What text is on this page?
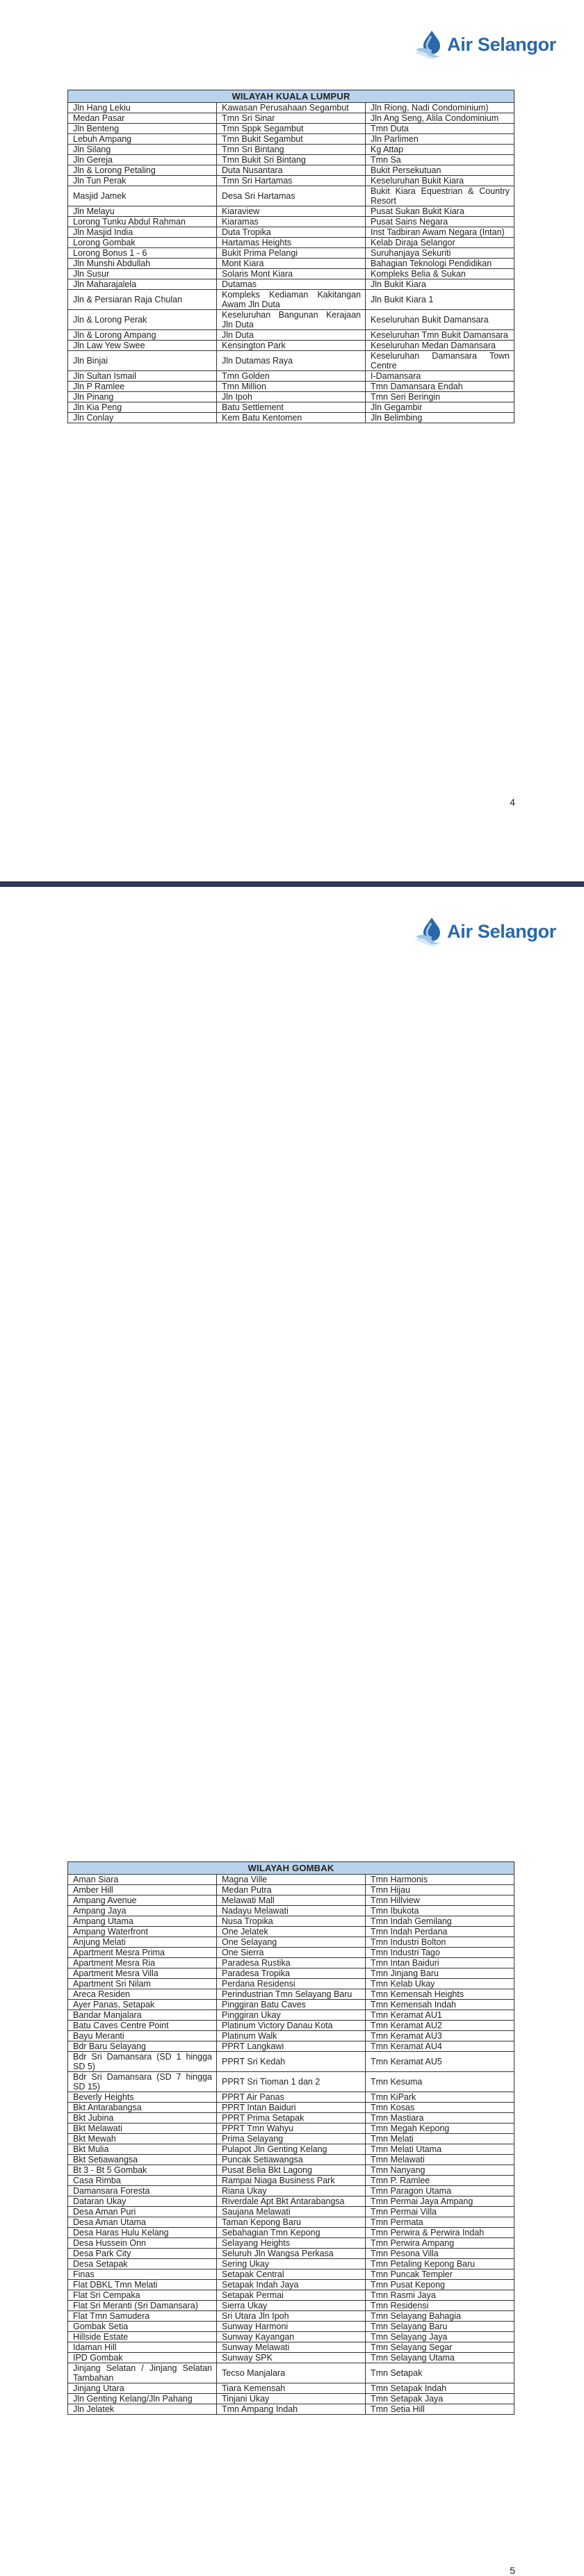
Air Selangor
WILAYAH KUALA LUMPUR		
Jln Hang Lekiu	Kawasan Perusahaan Segambut	Jln Riong, Nadi Condominium)
Medan Pasar	Tmn Sri Sinar	Jln Ang Seng, Alila Condominium
Jln Benteng	Tmn Sppk Segambut	Tmn Duta
Lebuh Ampang	Tmn Bukit Segambut	Jln Parlimen
Jln Silang	Tmn Sri Bintang	Kg Attap
Jln Gereja	Tmn Bukit Sri Bintang	Tmn Sa
Jln & Lorong Petaling	Duta Nusantara	Bukit Persekutuan
Jln Tun Perak	Tmn Sri Hartamas	Keseluruhan Bukit Kiara
Masjid Jamek	Desa Sri Hartamas	Bukit Kiara Equestrian & Country Resort
Jln Melayu	Kiaraview	Pusat Sukan Bukit Kiara
Lorong Tunku Abdul Rahman	Kiaramas	Pusat Sains Negara
Jln Masjid India	Duta Tropika	Inst Tadbiran Awam Negara (Intan)
Lorong Gombak	Hartamas Heights	Kelab Diraja Selangor
Lorong Bonus 1 - 6	Bukit Prima Pelangi	Suruhanjaya Sekuriti
Jln Munshi Abdullah	Mont Kiara	Bahagian Teknologi Pendidikan
Jln Susur	Solaris Mont Kiara	Kompleks Belia & Sukan
Jln Maharajalela	Dutamas	Jln Bukit Kiara
Jln & Persiaran Raja Chulan	Kompleks Kediaman Kakitangan Awam Jln Duta	Jln Bukit Kiara 1
Jln & Lorong Perak	Keseluruhan Bangunan Kerajaan Jln Duta	Keseluruhan Bukit Damansara
Jln & Lorong Ampang	Jln Duta	Keseluruhan Tmn Bukit Damansara
Jln Law Yew Swee	Kensington Park	Keseluruhan Medan Damansara
Jln Binjai	Jln Dutamas Raya	Keseluruhan Damansara Town Centre
Jln Sultan Ismail	Tmn Golden	I-Damansara
Jln P Ramlee	Tmn Million	Tmn Damansara Endah
Jln Pinang	Jln Ipoh	Tmn Seri Beringin
Jln Kia Peng	Batu Settlement	Jln Gegambir
Jln Conlay	Kem Batu Kentomen	Jln Belimbing
4
Air Selangor
WILAYAH GOMBAK		
Aman Siara	Magna Ville	Tmn Harmonis
Amber Hill	Medan Putra	Tmn Hijau
Ampang Avenue	Melawati Mall	Tmn Hillview
Ampang Jaya	Nadayu Melawati	Tmn Ibukota
Ampang Utama	Nusa Tropika	Tmn Indah Gemilang
Ampang Waterfront	One Jelatek	Tmn Indah Perdana
Anjung Melati	One Selayang	Tmn Industri Bolton
Apartment Mesra Prima	One Sierra	Tmn Industri Tago
Apartment Mesra Ria	Paradesa Rustika	Tmn Intan Baiduri
Apartment Mesra Villa	Paradesa Tropika	Tmn Jinjang Baru
Apartment Sri Nilam	Perdana Residensi	Tmn Kelab Ukay
Areca Residen	Perindustrian Tmn Selayang Baru	Tmn Kemensah Heights
Ayer Panas, Setapak	Pinggiran Batu Caves	Tmn Kemensah Indah
Bandar Manjalara	Pinggiran Ukay	Tmn Keramat AU1
Batu Caves Centre Point	Platinum Victory Danau Kota	Tmn Keramat AU2
Bayu Meranti	Platinum Walk	Tmn Keramat AU3
Bdr Baru Selayang	PPRT Langkawi	Tmn Keramat AU4
Bdr Sri Damansara (SD 1 hingga SD 5)	PPRT Sri Kedah	Tmn Keramat AU5
Bdr Sri Damansara (SD 7 hingga SD 15)	PPRT Sri Tioman 1 dan 2	Tmn Kesuma
Beverly Heights	PPRT Air Panas	Tmn KiPark
Bkt Antarabangsa	PPRT Intan Baiduri	Tmn Kosas
Bkt Jubina	PPRT Prima Setapak	Tmn Mastiara
Bkt Melawati	PPRT Tmn Wahyu	Tmn Megah Kepong
Bkt Mewah	Prima Selayang	Tmn Melati
Bkt Mulia	Pulapot Jln Genting Kelang	Tmn Melati Utama
Bkt Setiawangsa	Puncak Setiawangsa	Tmn Melawati
Bt 3 - Bt 5 Gombak	Pusat Belia Bkt Lagong	Tmn Nanyang
Casa Rimba	Rampai Niaga Business Park	Tmn P. Ramlee
Damansara Foresta	Riana Ukay	Tmn Paragon Utama
Dataran Ukay	Riverdale Apt Bkt Antarabangsa	Tmn Permai Jaya Ampang
Desa Aman Puri	Saujana Melawati	Tmn Permai Villa
Desa Aman Utama	Taman Kepong Baru	Tmn Permata
Desa Haras Hulu Kelang	Sebahagian Tmn Kepong	Tmn Perwira & Perwira Indah
Desa Hussein Onn	Selayang Heights	Tmn Perwira Ampang
Desa Park City	Seluruh Jln Wangsa Perkasa	Tmn Pesona Villa
Desa Setapak	Sering Ukay	Tmn Petaling Kepong Baru
Finas	Setapak Central	Tmn Puncak Templer
Flat DBKL Tmn Melati	Setapak Indah Jaya	Tmn Pusat Kepong
Flat Sri Cempaka	Setapak Permai	Tmn Rasmi Jaya
Flat Sri Meranti (Sri Damansara)	Sierra Ukay	Tmn Residensi
Flat Tmn Samudera	Sri Utara Jln Ipoh	Tmn Selayang Bahagia
Gombak Setia	Sunway Harmoni	Tmn Selayang Baru
Hillside Estate	Sunway Kayangan	Tmn Selayang Jaya
Idaman Hill	Sunway Melawati	Tmn Selayang Segar
IPD Gombak	Sunway SPK	Tmn Selayang Utama
Jinjang Selatan / Jinjang Selatan Tambahan	Tecso Manjalara	Tmn Setapak
Jinjang Utara	Tiara Kemensah	Tmn Setapak Indah
Jln Genting Kelang/Jln Pahang	Tinjani Ukay	Tmn Setapak Jaya
Jln Jelatek	Tmn Ampang Indah	Tmn Setia Hill
5
